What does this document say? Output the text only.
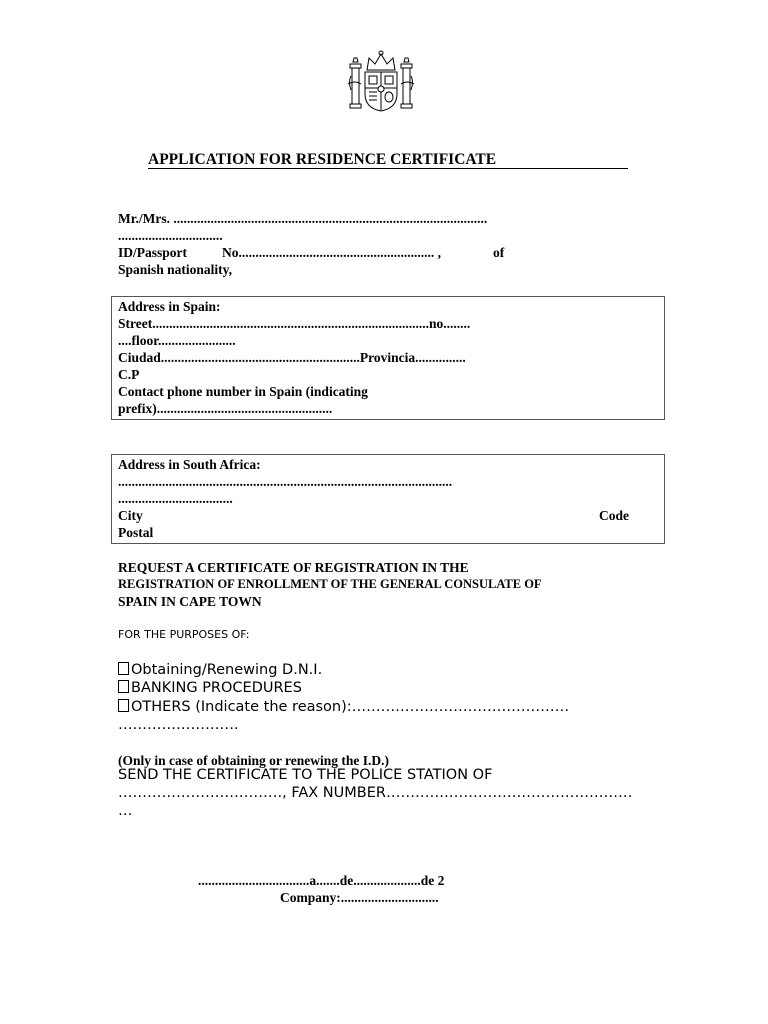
APPLICATION FOR RESIDENCE CERTIFICATE
Mr./Mrs. .............................................................................................
...............................
ID/Passport	No.......................................................... ,	of
Spanish nationality,
Address in Spain:
Street..................................................................................no........
....floor.......................
Ciudad...........................................................Provincia...............
C.P
Contact phone number in Spain (indicating
prefix)....................................................
Address in South Africa:
...................................................................................................
..................................
City	Code
Postal
REQUEST A CERTIFICATE OF REGISTRATION IN THE
REGISTRATION OF ENROLLMENT OF THE GENERAL CONSULATE OF
SPAIN IN CAPE TOWN
FOR THE PURPOSES OF:
Obtaining/Renewing D.N.I.
BANKING PROCEDURES
OTHERS (Indicate the reason):………………………………………
…………………….
(Only in case of obtaining or renewing the I.D.)
SEND THE CERTIFICATE TO THE POLICE STATION OF
……………………………., FAX NUMBER……………………………………………
…
.................................a.......de....................de 2
Company:.............................
